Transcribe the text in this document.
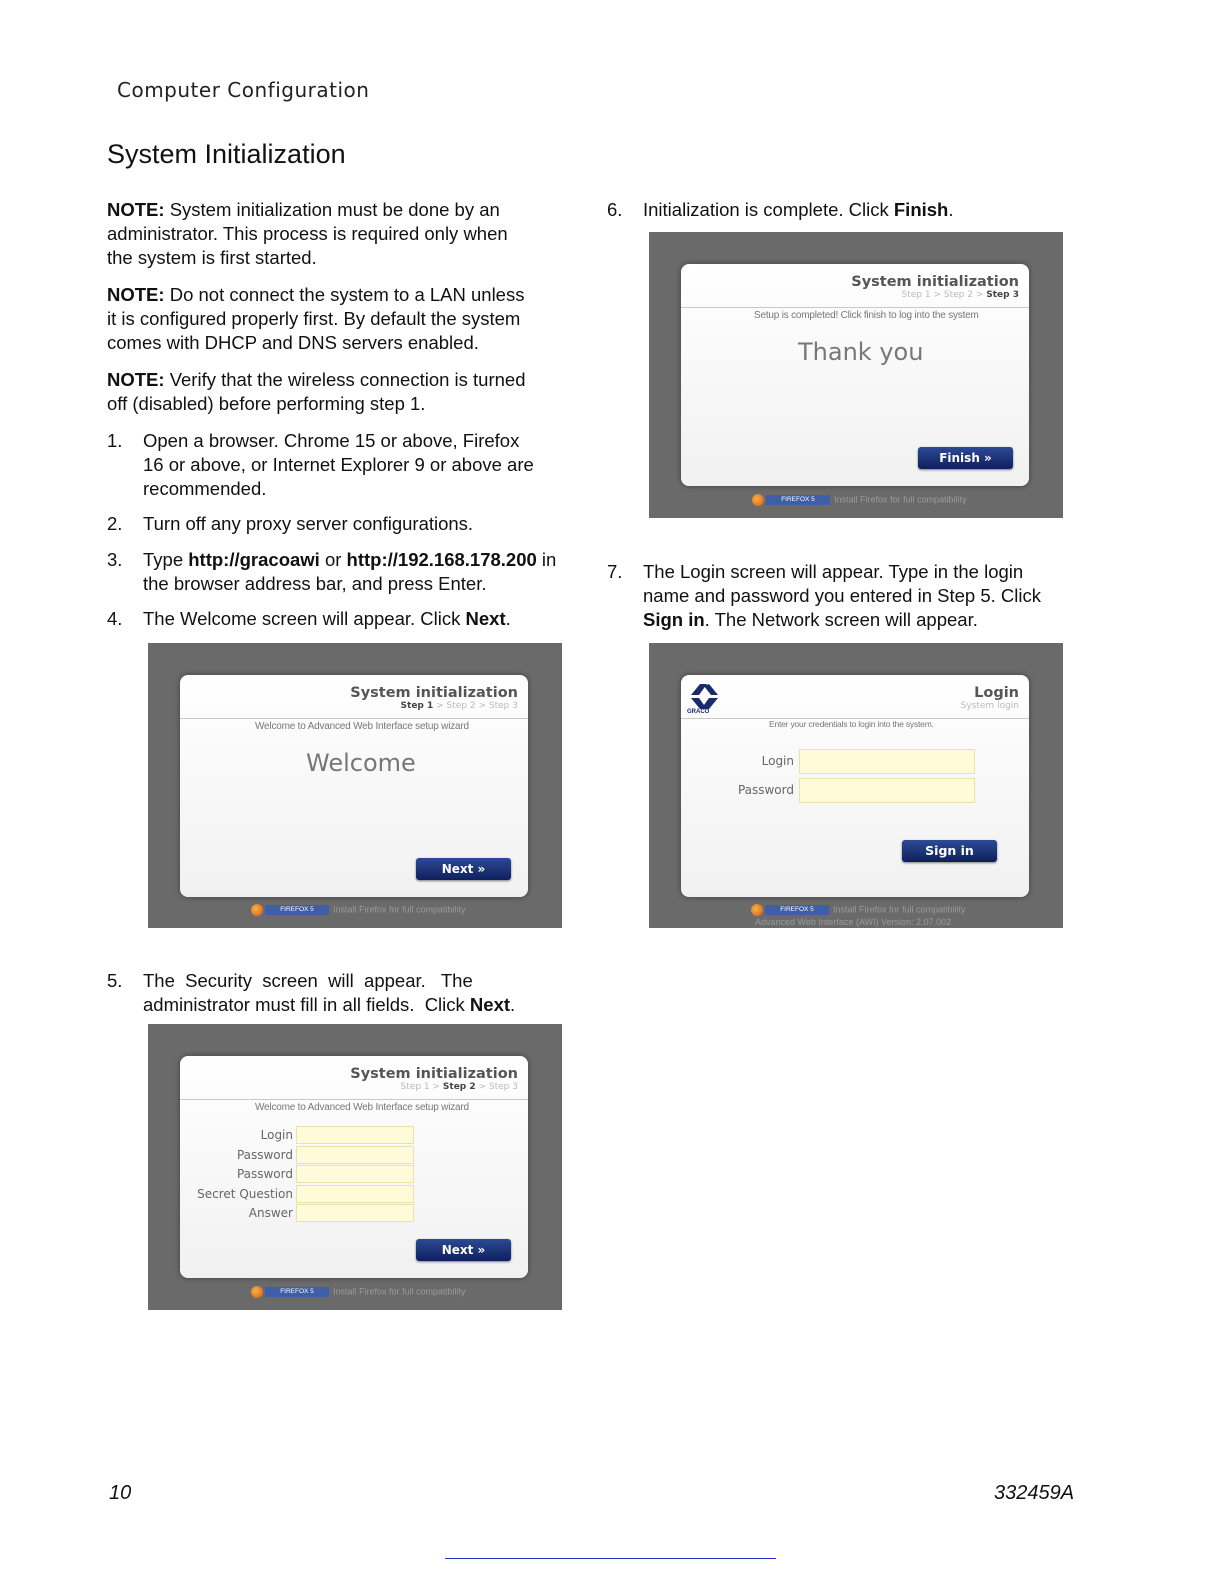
Computer Configuration
System Initialization

NOTE: System initialization must be done by an
administrator. This process is required only when
the system is first started.

NOTE: Do not connect the system to a LAN unless
it is configured properly first. By default the system
comes with DHCP and DNS servers enabled.

NOTE: Verify that the wireless connection is turned
off (disabled) before performing step 1.

1. Open a browser. Chrome 15 or above, Firefox
16 or above, or Internet Explorer 9 or above are
recommended.
2. Turn off any proxy server configurations.
3. Type http://gracoawi or http://192.168.178.200 in
the browser address bar, and press Enter.
4. The Welcome screen will appear. Click Next.
System initialization
Step 1 > Step 2 > Step 3
Welcome to Advanced Web Interface setup wizard
Welcome
Next »
FIREFOX 5 Install Firefox for full compatibility
5. The  Security  screen  will  appear.   The
administrator must fill in all fields.  Click Next.
System initialization
Step 1 > Step 2 > Step 3
Welcome to Advanced Web Interface setup wizard
Login
Password
Password
Secret Question
Answer
Next »
FIREFOX 5 Install Firefox for full compatibility
6. Initialization is complete. Click Finish.
System initialization
Step 1 > Step 2 > Step 3
Setup is completed! Click finish to log into the system
Thank you
Finish »
FIREFOX 5 Install Firefox for full compatibility
7. The Login screen will appear. Type in the login
name and password you entered in Step 5. Click
Sign in. The Network screen will appear.
GRACO
Login
System login
Enter your credentials to login into the system.
Login
Password
Sign in
FIREFOX 5 Install Firefox for full compatibility
Advanced Web Interface (AWI) Version: 2.07.002
10	332459A
